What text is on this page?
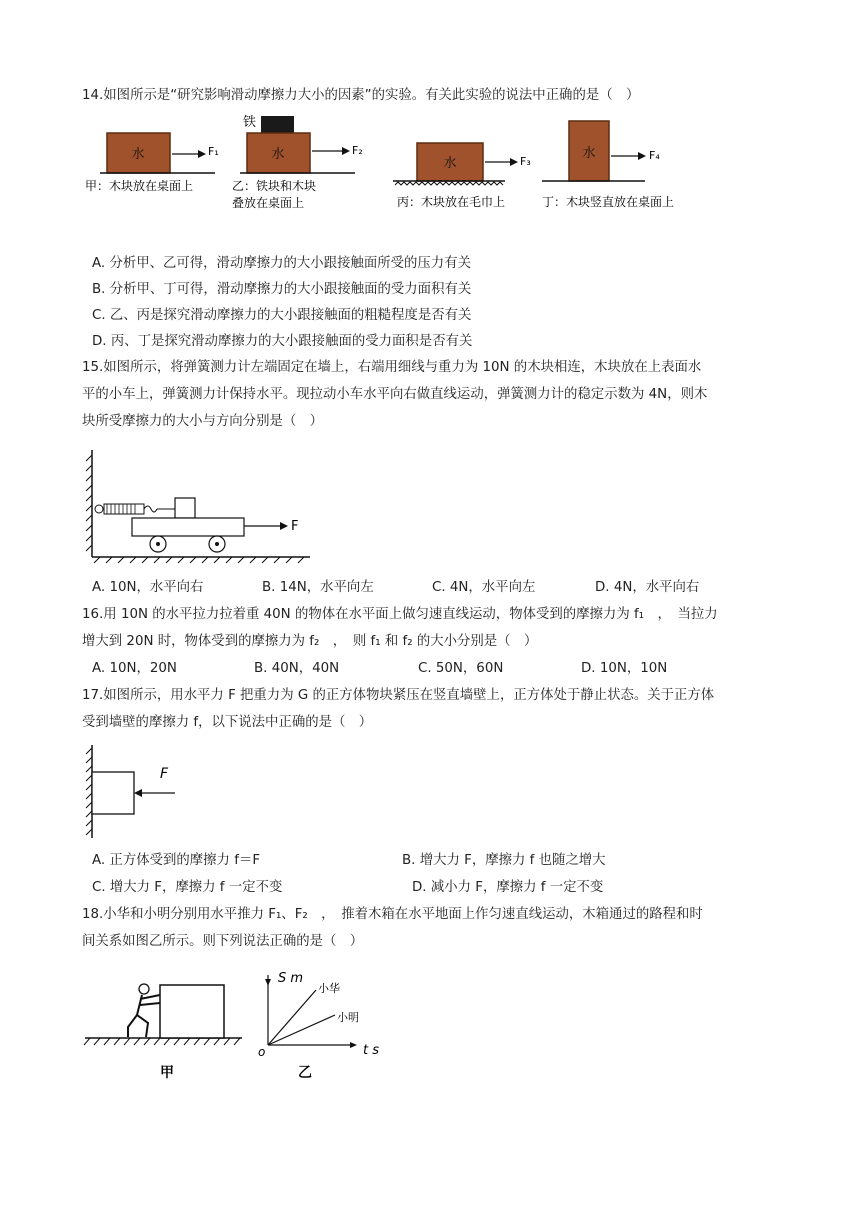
14.如图所示是“研究影响滑动摩擦力大小的因素”的实验。有关此实验的说法中正确的是（　）
水	F₁
甲：木块放在桌面上
铁
水	F₂
乙：铁块和木块
叠放在桌面上
水	F₃
丙：木块放在毛巾上
水	F₄
丁：木块竖直放在桌面上
A. 分析甲、乙可得，滑动摩擦力的大小跟接触面所受的压力有关
B. 分析甲、丁可得，滑动摩擦力的大小跟接触面的受力面积有关
C. 乙、丙是探究滑动摩擦力的大小跟接触面的粗糙程度是否有关
D. 丙、丁是探究滑动摩擦力的大小跟接触面的受力面积是否有关
15.如图所示，将弹簧测力计左端固定在墙上，右端用细线与重力为 10N 的木块相连，木块放在上表面水
平的小车上，弹簧测力计保持水平。现拉动小车水平向右做直线运动，弹簧测力计的稳定示数为 4N，则木
块所受摩擦力的大小与方向分别是（　）
F
A. 10N，水平向右	B. 14N，水平向左	C. 4N，水平向左	D. 4N，水平向右
16.用 10N 的水平拉力拉着重 40N 的物体在水平面上做匀速直线运动，物体受到的摩擦力为 f₁　，　当拉力
增大到 20N 时，物体受到的摩擦力为 f₂　，　则 f₁ 和 f₂ 的大小分别是（　）
A. 10N，20N	B. 40N，40N	C. 50N，60N	D. 10N，10N
17.如图所示，用水平力 F 把重力为 G 的正方体物块紧压在竖直墙壁上，正方体处于静止状态。关于正方体
受到墙壁的摩擦力 f，以下说法中正确的是（　）
F
A. 正方体受到的摩擦力 f＝F	B. 增大力 F，摩擦力 f 也随之增大
C. 增大力 F，摩擦力 f 一定不变	D. 减小力 F，摩擦力 f 一定不变
18.小华和小明分别用水平推力 F₁、F₂　，　推着木箱在水平地面上作匀速直线运动，木箱通过的路程和时
间关系如图乙所示。则下列说法正确的是（　）
甲
S m
t s
o
小华
小明
乙
